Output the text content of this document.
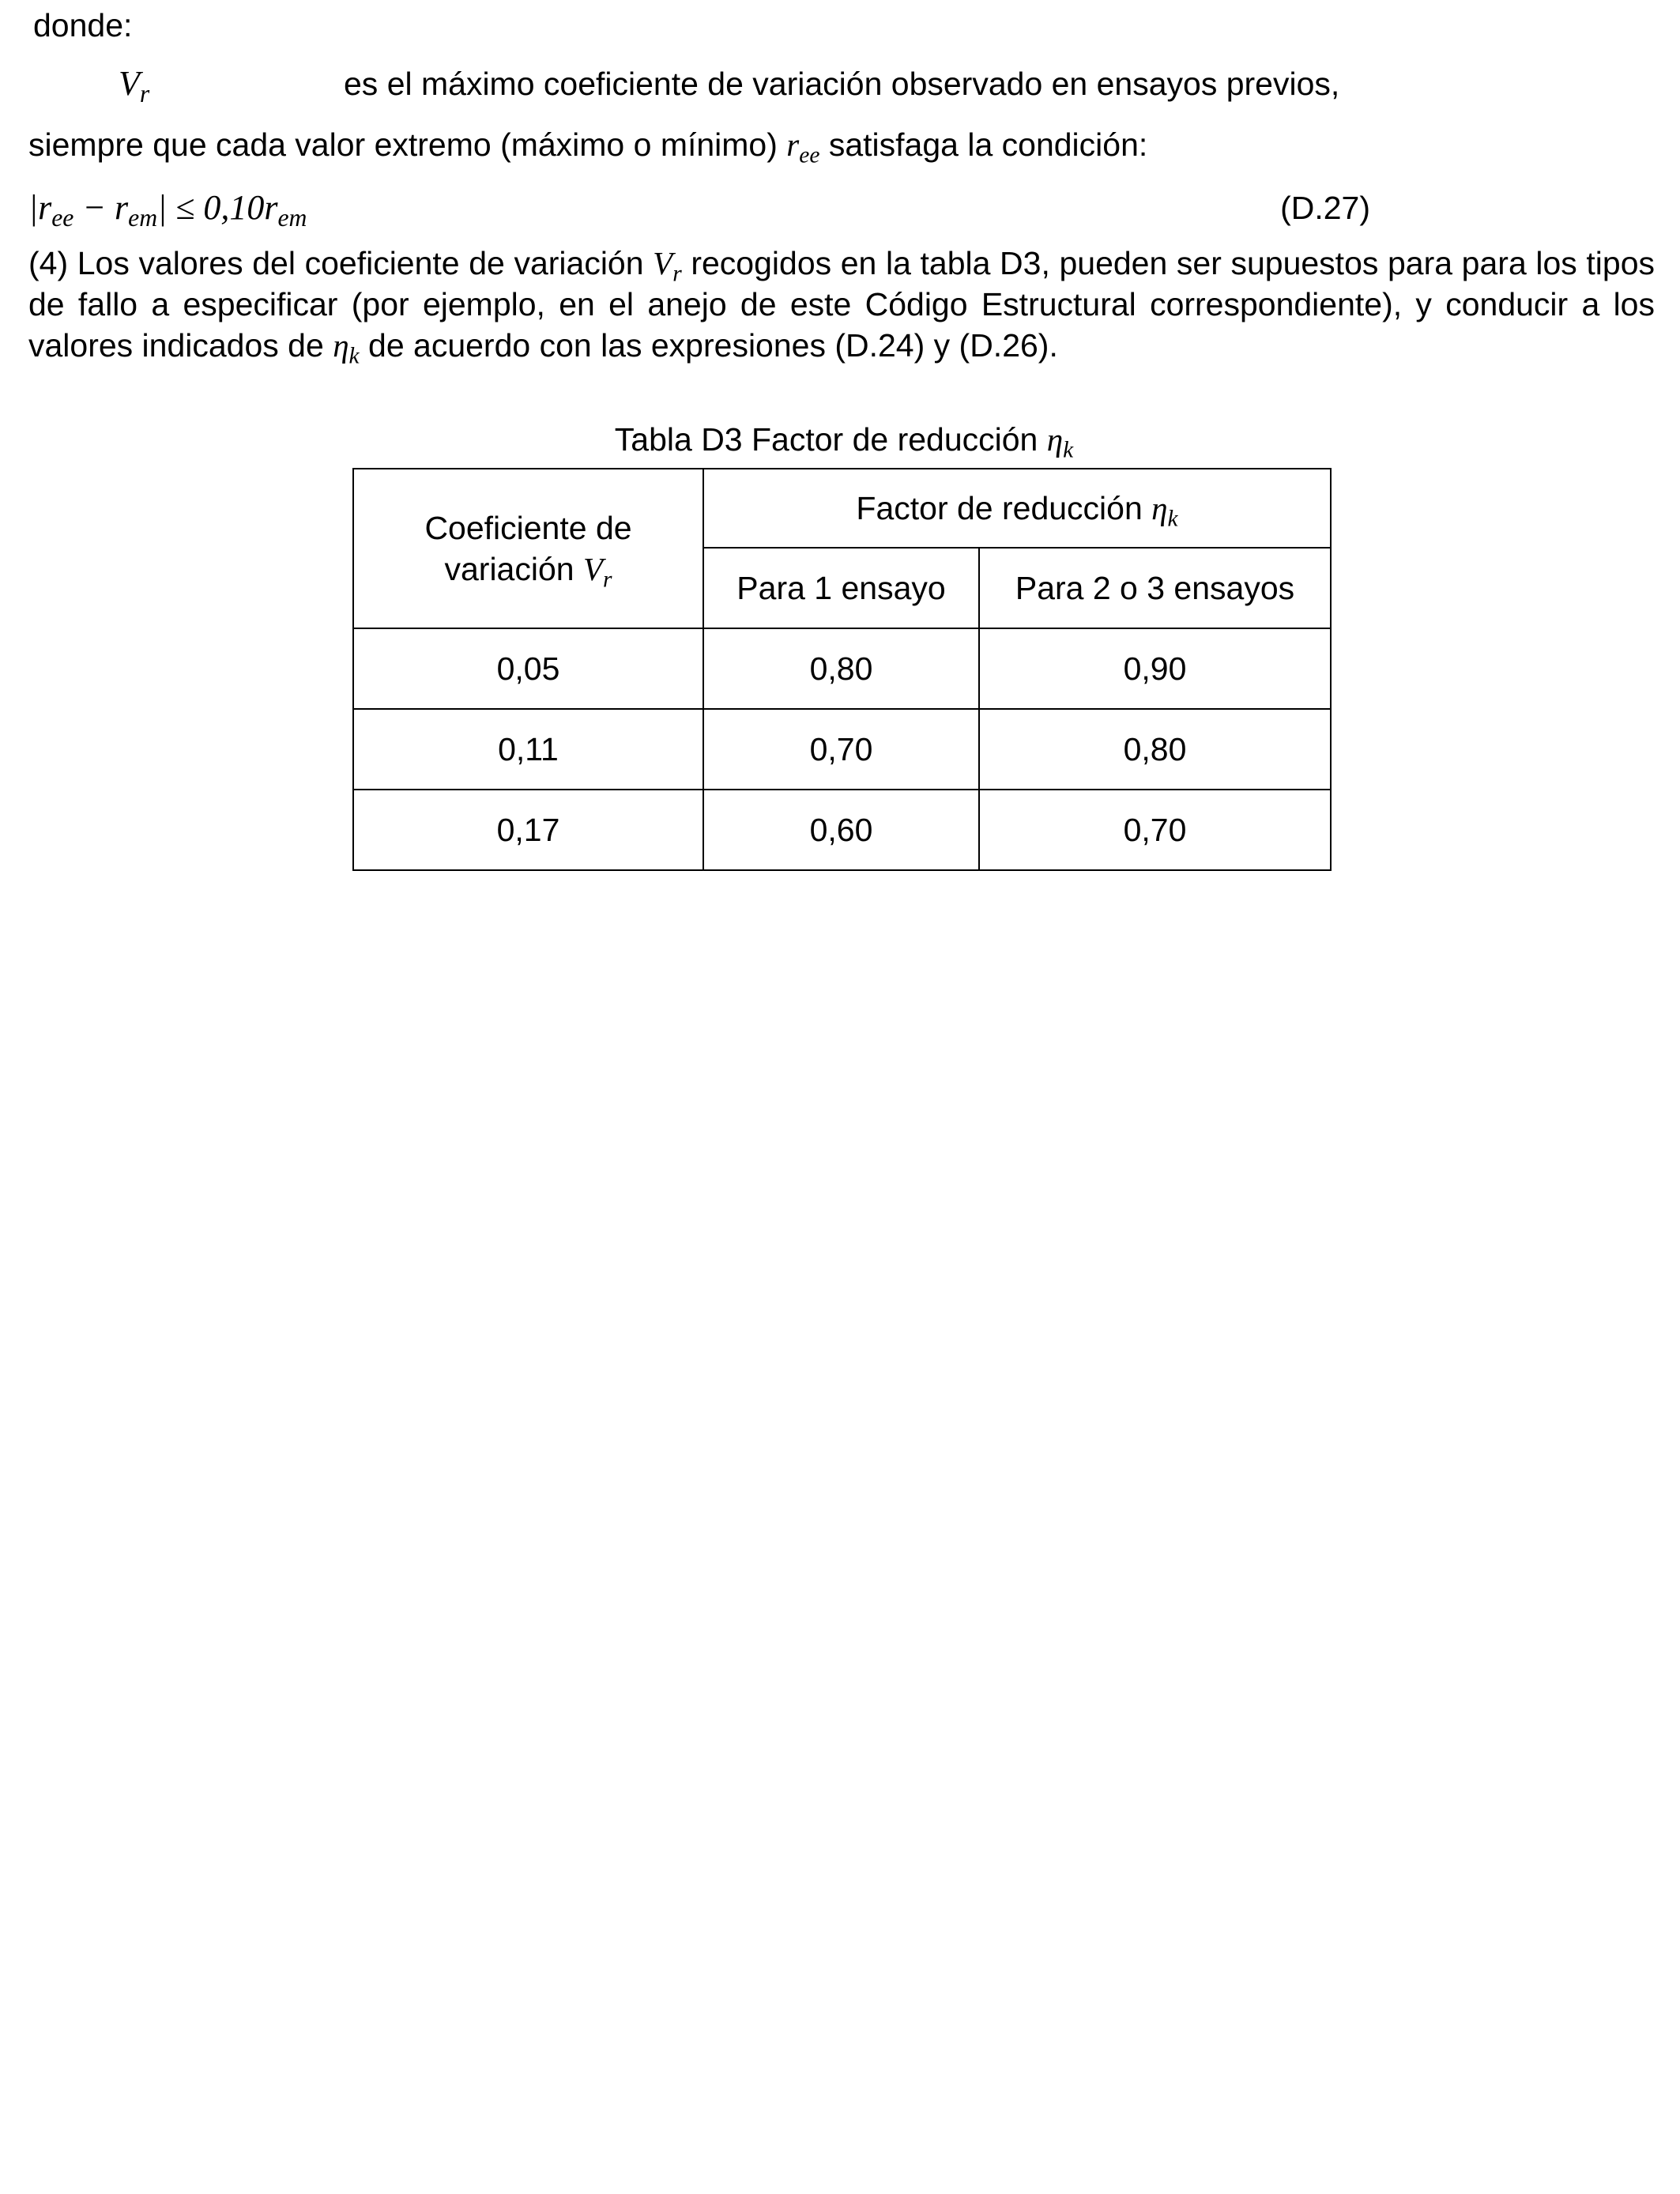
donde:
$V_r$	es el máximo coeficiente de variación observado en ensayos previos,
siempre que cada valor extremo (máximo o mínimo) $r_{ee}$ satisfaga la condición:
$|r_{ee} - r_{em}| \le 0,10r_{em}$	(D.27)
(4) Los valores del coeficiente de variación $V_r$ recogidos en la tabla D3, pueden ser supuestos para para los tipos de fallo a especificar (por ejemplo, en el anejo de este Código Estructural correspondiente), y conducir a los valores indicados de $\eta_k$ de acuerdo con las expresiones (D.24) y (D.26).
Tabla D3 Factor de reducción $\eta_k$
Coeficiente de
variación $V_r$	Factor de reducción $\eta_k$
	Para 1 ensayo	Para 2 o 3 ensayos
0,05	0,80	0,90
0,11	0,70	0,80
0,17	0,60	0,70
